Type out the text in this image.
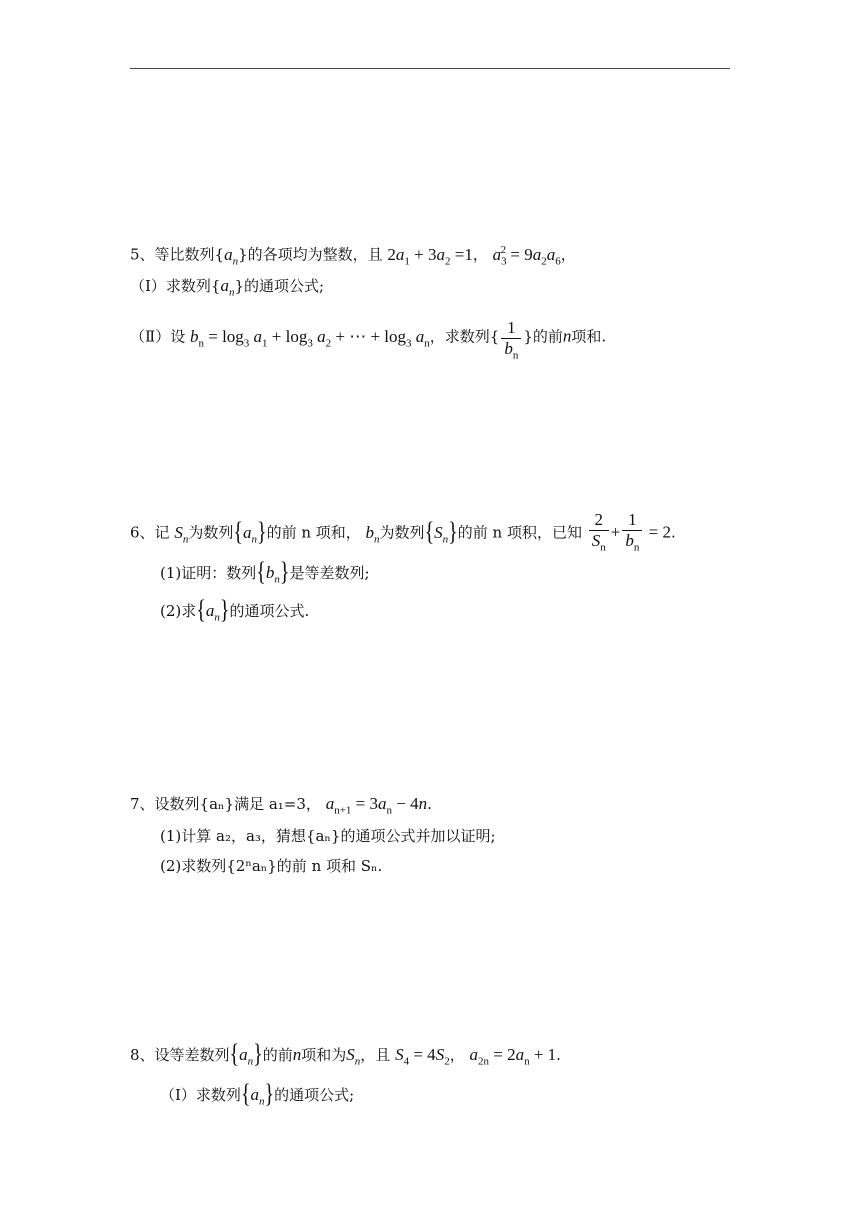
5、等比数列$\{a_n\}$的各项均为整数，且 $2a_1 + 3a_2 =1$， $a_3^2 = 9a_2a_6$，
（Ⅰ）求数列$\{a_n\}$的通项公式;
（Ⅱ）设 $b_n = \log_3 a_1 + \log_3 a_2$ + ⋯ + $\log_3 a_n$，求数列{ $\frac{1}{b_n}$ }的前n项和.
6、记 $S_n$为数列$\{a_n\}$的前 n 项和， $b_n$为数列$\{S_n\}$的前 n 项积，已知 $\frac{2}{S_n} + \frac{1}{b_n} = 2$.
(1)证明：数列$\{b_n\}$是等差数列;
(2)求$\{a_n\}$的通项公式.
7、设数列{aₙ}满足 a₁=3， $a_{n+1} = 3a_n - 4n$.
(1)计算 a₂，a₃，猜想{aₙ}的通项公式并加以证明;
(2)求数列{2ⁿaₙ}的前 n 项和 Sₙ.
8、设等差数列$\{a_n\}$的前n项和为$S_n$，且 $S_4 = 4S_2$， $a_{2n} = 2a_n + 1$.
（Ⅰ）求数列$\{a_n\}$的通项公式;
